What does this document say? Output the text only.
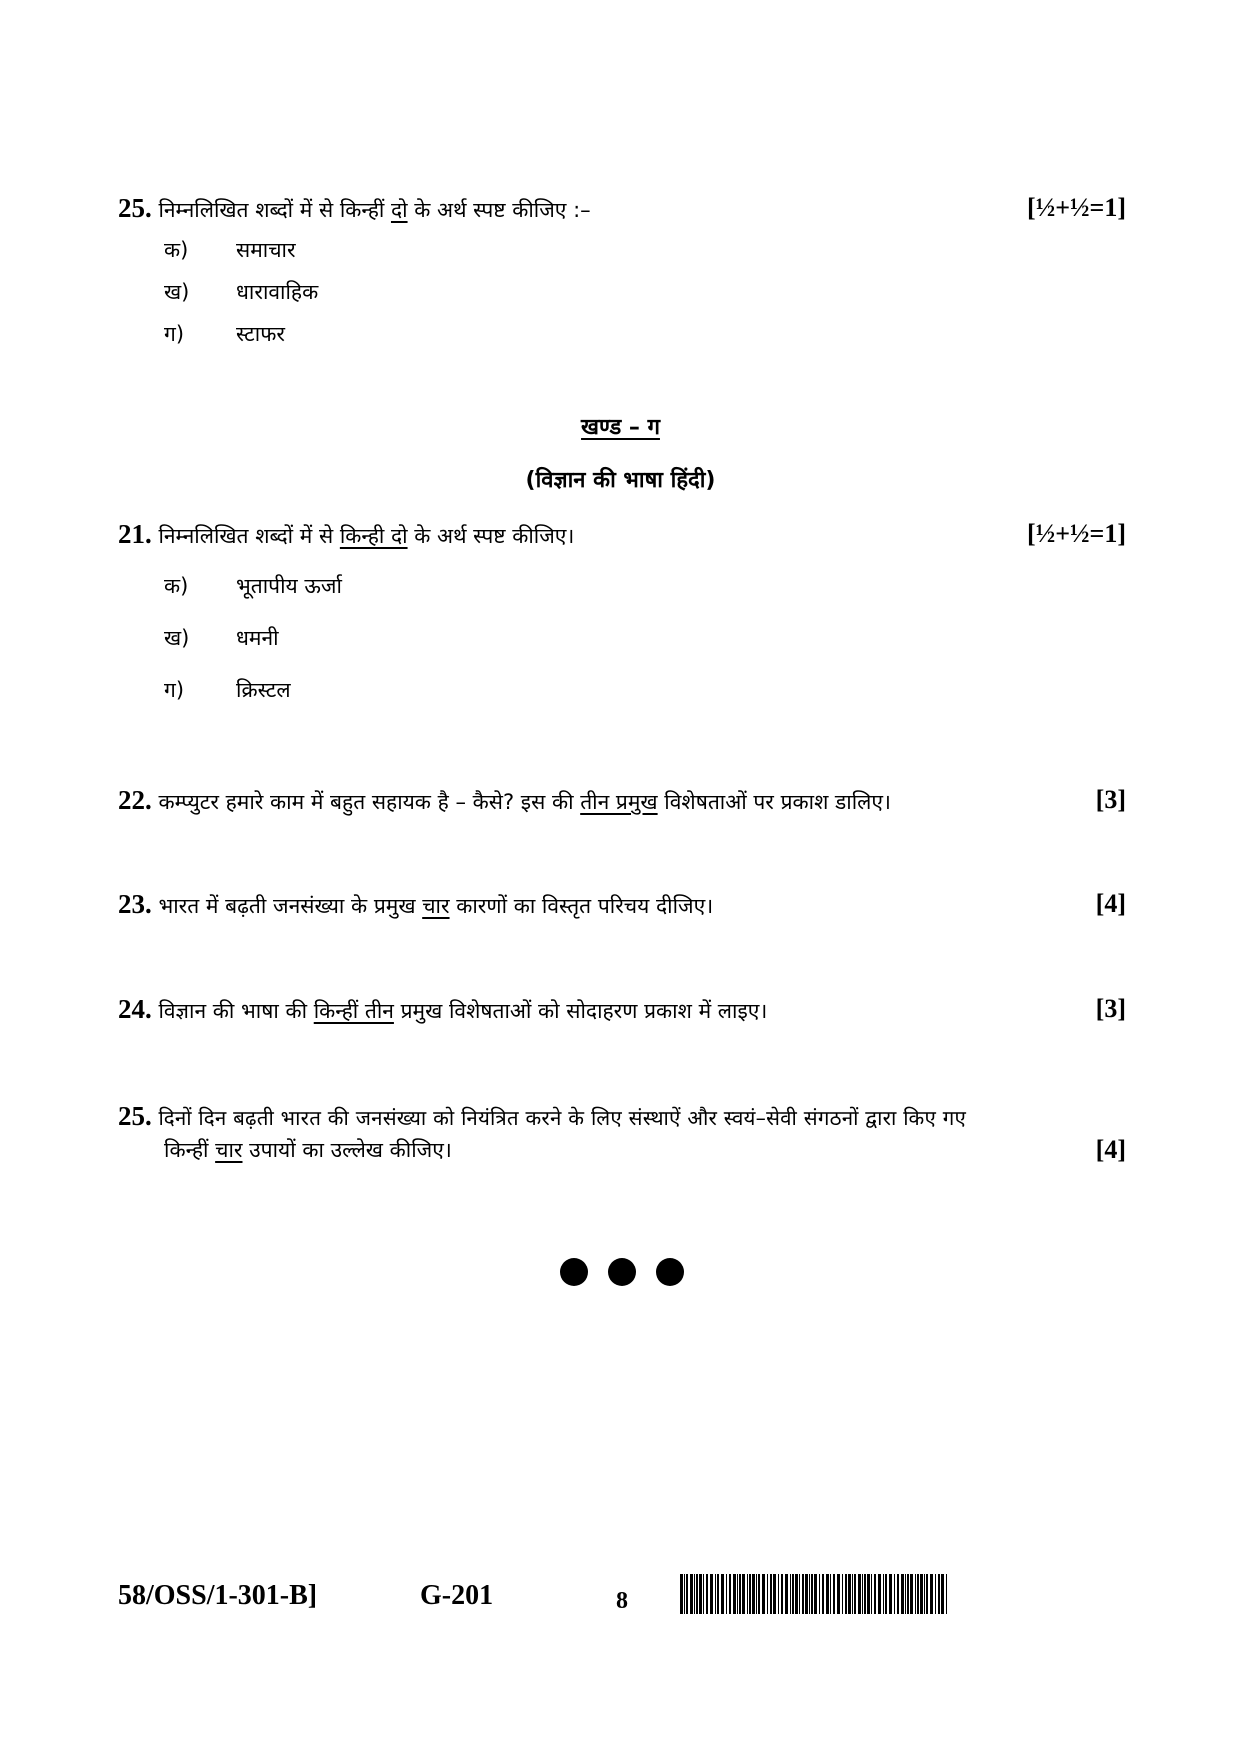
25. निम्नलिखित शब्दों में से किन्हीं दो के अर्थ स्पष्ट कीजिए :–	[½+½=1]
क) समाचार
ख) धारावाहिक
ग) स्टाफर
खण्ड – ग
(विज्ञान की भाषा हिंदी)
21. निम्नलिखित शब्दों में से किन्ही दो के अर्थ स्पष्ट कीजिए।	[½+½=1]
क) भूतापीय ऊर्जा
ख) धमनी
ग) क्रिस्टल
22. कम्प्युटर हमारे काम में बहुत सहायक है – कैसे? इस की तीन प्रमुख विशेषताओं पर प्रकाश डालिए।	[3]
23. भारत में बढ़ती जनसंख्या के प्रमुख चार कारणों का विस्तृत परिचय दीजिए।	[4]
24. विज्ञान की भाषा की किन्हीं तीन प्रमुख विशेषताओं को सोदाहरण प्रकाश में लाइए।	[3]
25. दिनों दिन बढ़ती भारत की जनसंख्या को नियंत्रित करने के लिए संस्थाऐं और स्वयं–सेवी संगठनों द्वारा किए गए
किन्हीं चार उपायों का उल्लेख कीजिए।	[4]
58/OSS/1-301-B]	G-201	8
